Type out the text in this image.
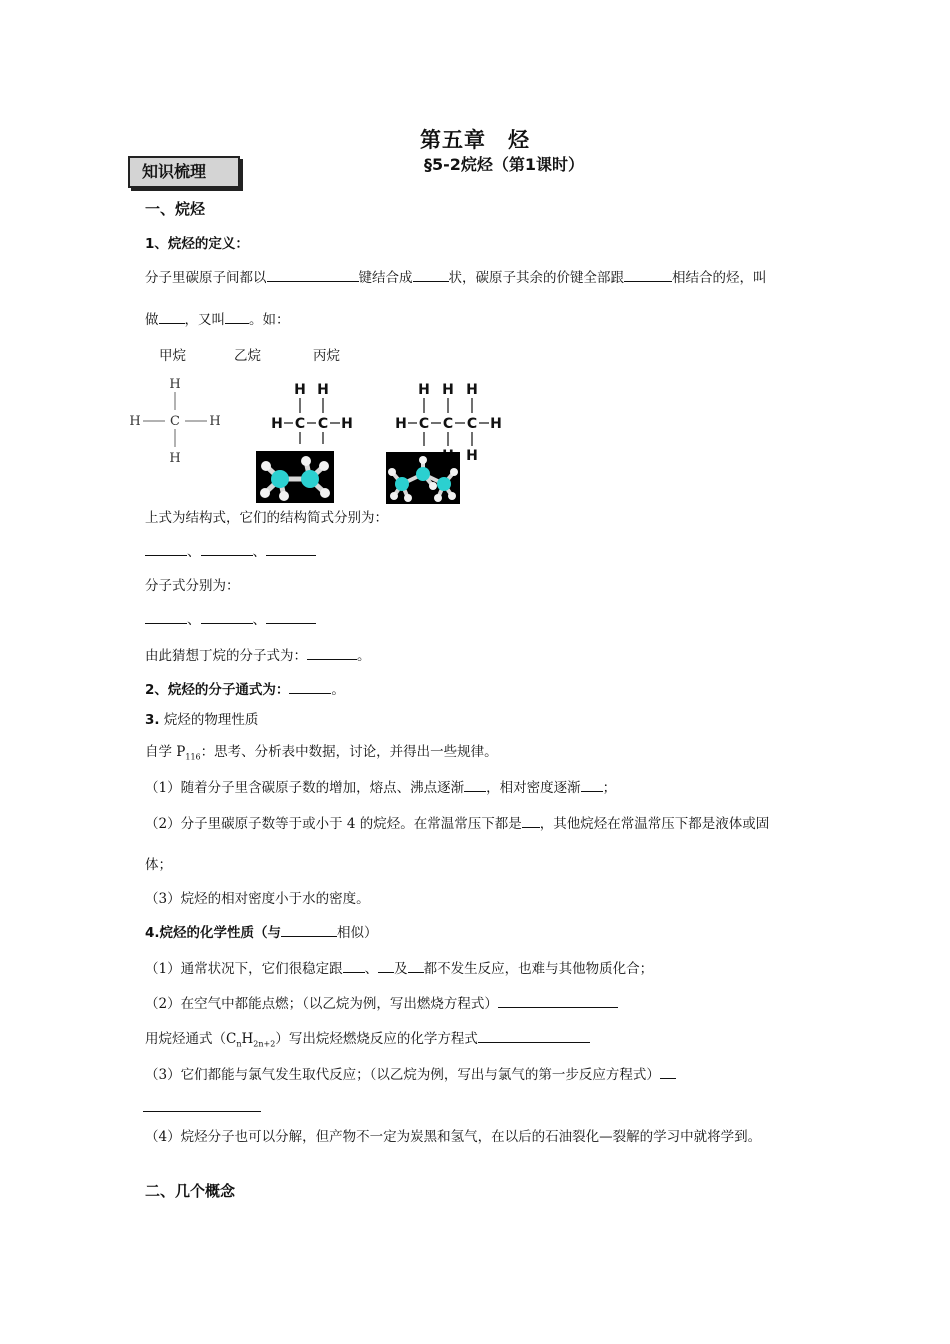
第五章　烃
§5-2烷烃（第1课时）
知识梳理
一、烷烃
1、烷烃的定义：
分子里碳原子间都以	键结合成	状，碳原子其余的价键全部跟	相结合的烃，叫
做 ，又叫 。如：
甲烷	乙烷	丙烷
H
C
H
H	H
H H
H C C H
H H H
H C C C H
H
上式为结构式，它们的结构简式分别为：
、	、
分子式分别为：
、	、
由此猜想丁烷的分子式为：	。
2、烷烃的分子通式为：	。
3. 烷烃的物理性质
自学 $P_{116}$：思考、分析表中数据，讨论，并得出一些规律。
（1）随着分子里含碳原子数的增加，熔点、沸点逐渐 ，相对密度逐渐 ；
（2）分子里碳原子数等于或小于 4 的烷烃。在常温常压下都是 ，其他烷烃在常温常压下都是液体或固
体；
（3）烷烃的相对密度小于水的密度。
4.烷烃的化学性质（与	相似）
（1）通常状况下，它们很稳定跟 、 及 都不发生反应，也难与其他物质化合；
（2）在空气中都能点燃；（以乙烷为例，写出燃烧方程式）
用烷烃通式$(C_nH_{2n+2})$写出烷烃燃烧反应的化学方程式
（3）它们都能与氯气发生取代反应；（以乙烷为例，写出与氯气的第一步反应方程式）
（4）烷烃分子也可以分解，但产物不一定为炭黑和氢气，在以后的石油裂化—裂解的学习中就将学到。
二、几个概念
